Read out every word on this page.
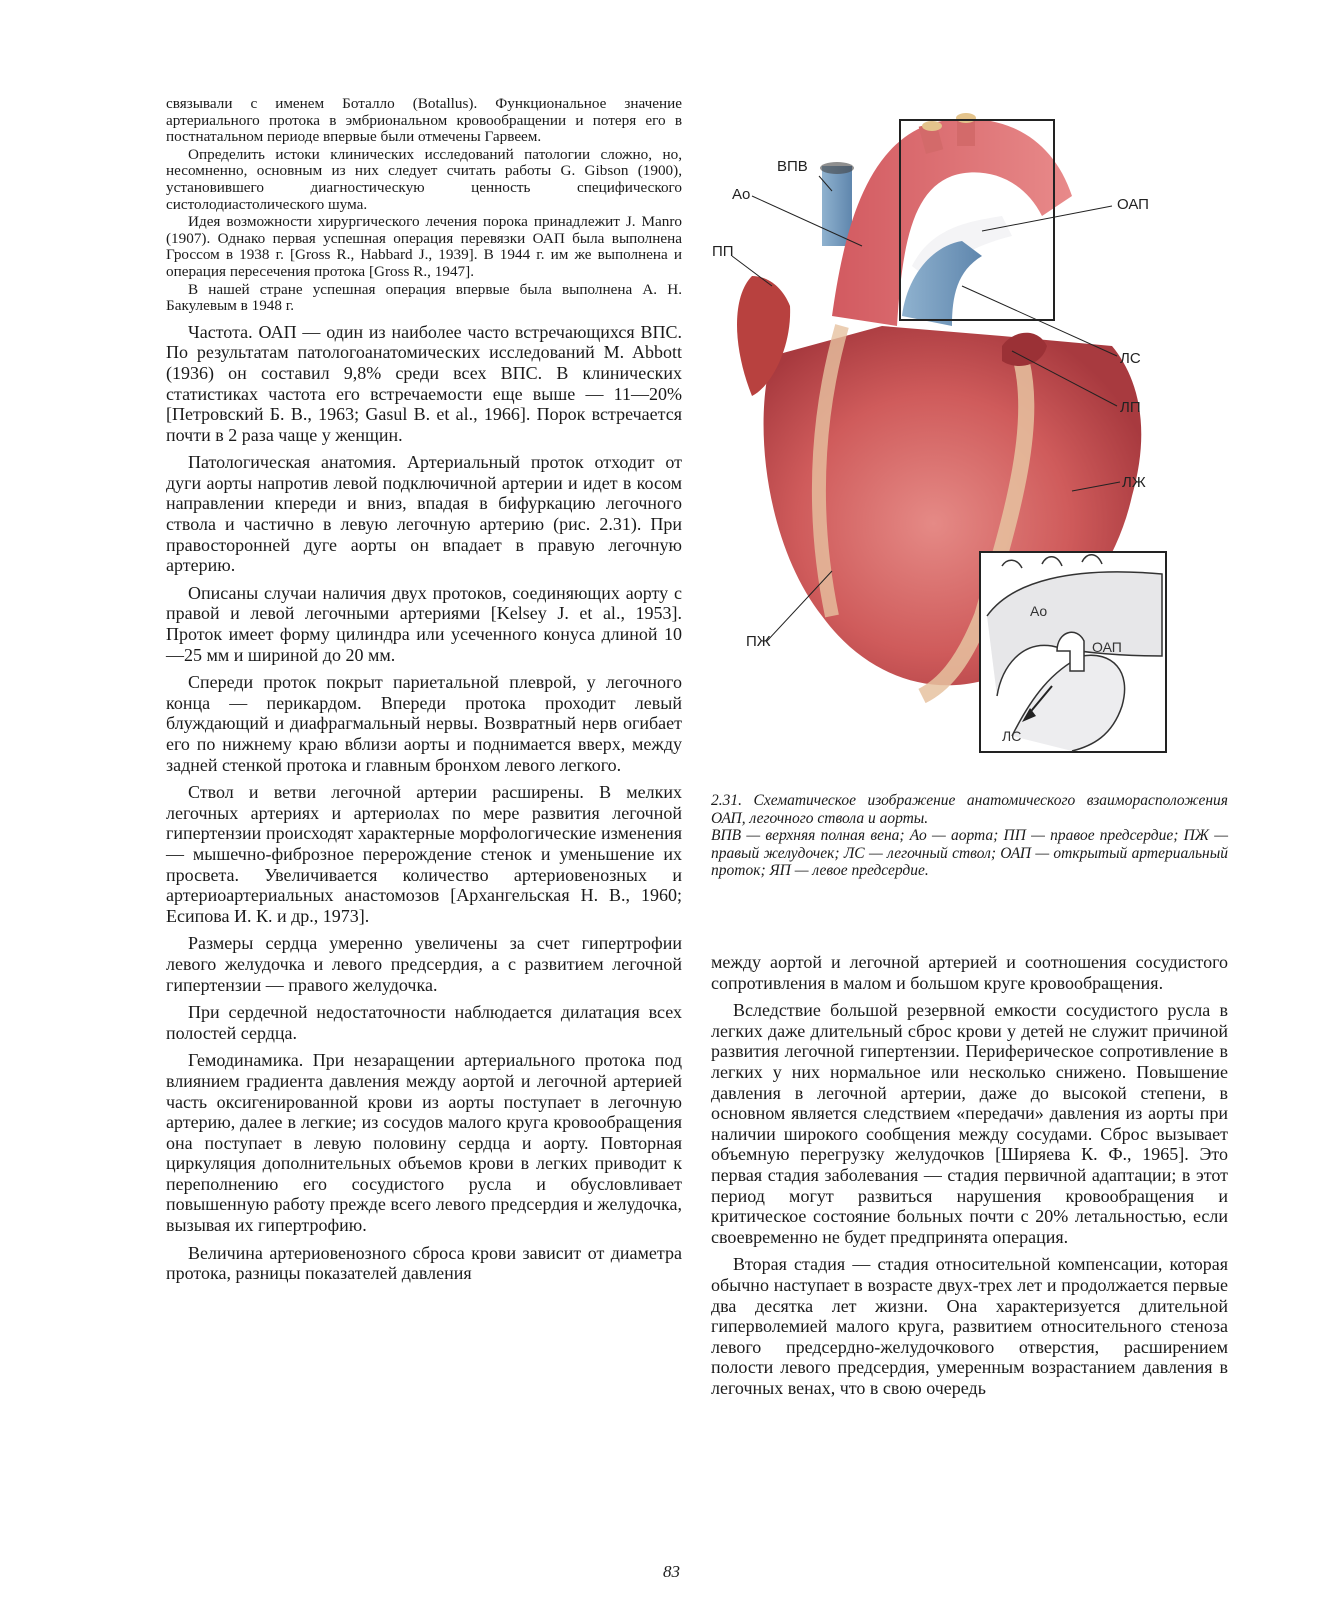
связывали с именем Боталло (Botallus). Функциональное значение артериального протока в эмбриональном кровообращении и потеря его в постнатальном периоде впервые были отмечены Гарвеем.

Определить истоки клинических исследований патологии сложно, но, несомненно, основным из них следует считать работы G. Gibson (1900), установившего диагностическую ценность специфического систолодиастолического шума.

Идея возможности хирургического лечения порока принадлежит J. Manro (1907). Однако первая успешная операция перевязки ОАП была выполнена Гроссом в 1938 г. [Gross R., Habbard J., 1939]. В 1944 г. им же выполнена и операция пересечения протока [Gross R., 1947].

В нашей стране успешная операция впервые была выполнена А. Н. Бакулевым в 1948 г.

Частота. ОАП — один из наиболее часто встречающихся ВПС. По результатам патологоанатомических исследований M. Abbott (1936) он составил 9,8% среди всех ВПС. В клинических статистиках частота его встречаемости еще выше — 11—20% [Петровский Б. В., 1963; Gasul B. et al., 1966]. Порок встречается почти в 2 раза чаще у женщин.

Патологическая анатомия. Артериальный проток отходит от дуги аорты напротив левой подключичной артерии и идет в косом направлении кпереди и вниз, впадая в бифуркацию легочного ствола и частично в левую легочную артерию (рис. 2.31). При правосторонней дуге аорты он впадает в правую легочную артерию.

Описаны случаи наличия двух протоков, соединяющих аорту с правой и левой легочными артериями [Kelsey J. et al., 1953]. Проток имеет форму цилиндра или усеченного конуса длиной 10—25 мм и шириной до 20 мм.

Спереди проток покрыт париетальной плеврой, у легочного конца — перикардом. Впереди протока проходит левый блуждающий и диафрагмальный нервы. Возвратный нерв огибает его по нижнему краю вблизи аорты и поднимается вверх, между задней стенкой протока и главным бронхом левого легкого.

Ствол и ветви легочной артерии расширены. В мелких легочных артериях и артериолах по мере развития легочной гипертензии происходят характерные морфологические изменения — мышечно-фиброзное перерождение стенок и уменьшение их просвета. Увеличивается количество артериовенозных и артериоартериальных анастомозов [Архангельская Н. В., 1960; Есипова И. К. и др., 1973].

Размеры сердца умеренно увеличены за счет гипертрофии левого желудочка и левого предсердия, а с развитием легочной гипертензии — правого желудочка.

При сердечной недостаточности наблюдается дилатация всех полостей сердца.

Гемодинамика. При незаращении артериального протока под влиянием градиента давления между аортой и легочной артерией часть оксигенированной крови из аорты поступает в легочную артерию, далее в легкие; из сосудов малого круга кровообращения она поступает в левую половину сердца и аорту. Повторная циркуляция дополнительных объемов крови в легких приводит к переполнению его сосудистого русла и обусловливает повышенную работу прежде всего левого предсердия и желудочка, вызывая их гипертрофию.

Величина артериовенозного сброса крови зависит от диаметра протока, разницы показателей давления

ВПВ
Ао
ПП
ОАП
ЛС
ЛП
ЛЖ
ПЖ
Ао
ОАП
ЛС

2.31. Схематическое изображение анатомического взаиморасположения ОАП, легочного ствола и аорты.

ВПВ — верхняя полная вена; Ао — аорта; ПП — правое предсердие; ПЖ — правый желудочек; ЛС — легочный ствол; ОАП — открытый артериальный проток; ЯП — левое предсердие.

между аортой и легочной артерией и соотношения сосудистого сопротивления в малом и большом круге кровообращения.

Вследствие большой резервной емкости сосудистого русла в легких даже длительный сброс крови у детей не служит причиной развития легочной гипертензии. Периферическое сопротивление в легких у них нормальное или несколько снижено. Повышение давления в легочной артерии, даже до высокой степени, в основном является следствием «передачи» давления из аорты при наличии широкого сообщения между сосудами. Сброс вызывает объемную перегрузку желудочков [Ширяева К. Ф., 1965]. Это первая стадия заболевания — стадия первичной адаптации; в этот период могут развиться нарушения кровообращения и критическое состояние больных почти с 20% летальностью, если своевременно не будет предпринята операция.

Вторая стадия — стадия относительной компенсации, которая обычно наступает в возрасте двух-трех лет и продолжается первые два десятка лет жизни. Она характеризуется длительной гиперволемией малого круга, развитием относительного стеноза левого предсердно-желудочкового отверстия, расширением полости левого предсердия, умеренным возрастанием давления в легочных венах, что в свою очередь

83
